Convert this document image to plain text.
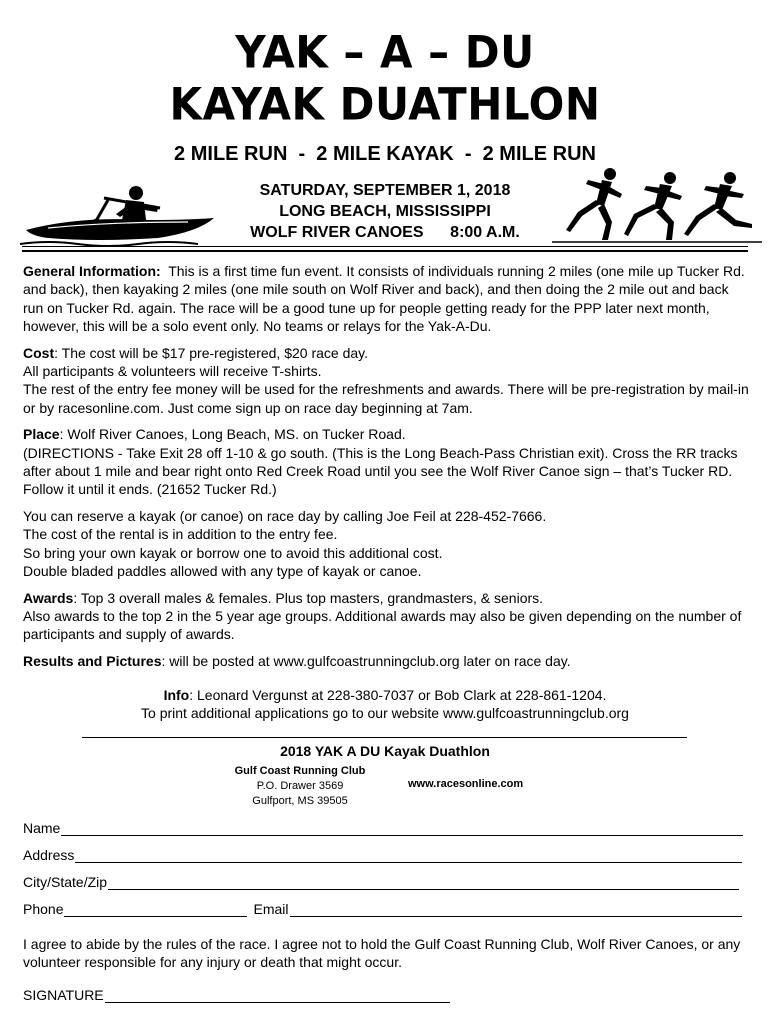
YAK – A – DU
KAYAK DUATHLON
2 MILE RUN  -  2 MILE KAYAK  -  2 MILE RUN
SATURDAY, SEPTEMBER 1, 2018
LONG BEACH, MISSISSIPPI
WOLF RIVER CANOES      8:00 A.M.

General Information: This is a first time fun event. It consists of individuals running 2 miles (one mile up Tucker Rd. and back), then kayaking 2 miles (one mile south on Wolf River and back), and then doing the 2 mile out and back run on Tucker Rd. again. The race will be a good tune up for people getting ready for the PPP later next month, however, this will be a solo event only. No teams or relays for the Yak-A-Du.

Cost: The cost will be $17 pre-registered, $20 race day.
All participants & volunteers will receive T-shirts.
The rest of the entry fee money will be used for the refreshments and awards. There will be pre-registration by mail-in or by racesonline.com. Just come sign up on race day beginning at 7am.

Place: Wolf River Canoes, Long Beach, MS. on Tucker Road.
(DIRECTIONS - Take Exit 28 off 1-10 & go south. (This is the Long Beach-Pass Christian exit). Cross the RR tracks after about 1 mile and bear right onto Red Creek Road until you see the Wolf River Canoe sign – that’s Tucker RD. Follow it until it ends. (21652 Tucker Rd.)

You can reserve a kayak (or canoe) on race day by calling Joe Feil at 228-452-7666.
The cost of the rental is in addition to the entry fee.
So bring your own kayak or borrow one to avoid this additional cost.
Double bladed paddles allowed with any type of kayak or canoe.

Awards: Top 3 overall males & females. Plus top masters, grandmasters, & seniors.
Also awards to the top 2 in the 5 year age groups. Additional awards may also be given depending on the number of participants and supply of awards.

Results and Pictures: will be posted at www.gulfcoastrunningclub.org later on race day.

Info: Leonard Vergunst at 228-380-7037 or Bob Clark at 228-861-1204.
To print additional applications go to our website www.gulfcoastrunningclub.org
2018 YAK A DU Kayak Duathlon
Gulf Coast Running Club
P.O. Drawer 3569
Gulfport, MS 39505
www.racesonline.com
Name
Address
City/State/Zip
Phone	Email
I agree to abide by the rules of the race. I agree not to hold the Gulf Coast Running Club, Wolf River Canoes, or any volunteer responsible for any injury or death that might occur.
SIGNATURE
